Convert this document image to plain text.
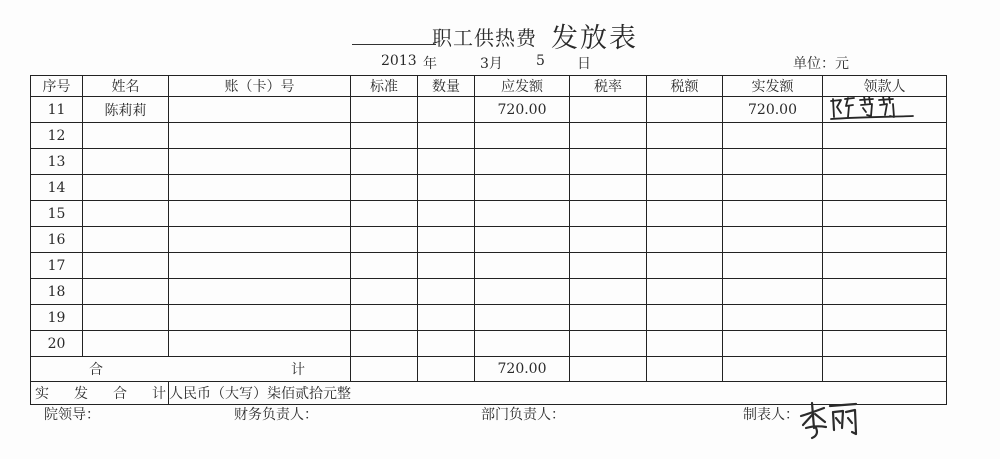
职工供热费 发放表
2013 年	3月 5 日	单位：元
序号	姓名	账（卡）号	标准	数量	应发额	税率	税额	实发额	领款人
11	陈莉莉				720.00			720.00	

12									
13									
14									
15									
16									
17									
18									
19									
20									

合 计					720.00				

实 发 合 计		人民币（大写）柒佰贰拾元整							
院领导：	财务负责人：	部门负责人：	制表人：
